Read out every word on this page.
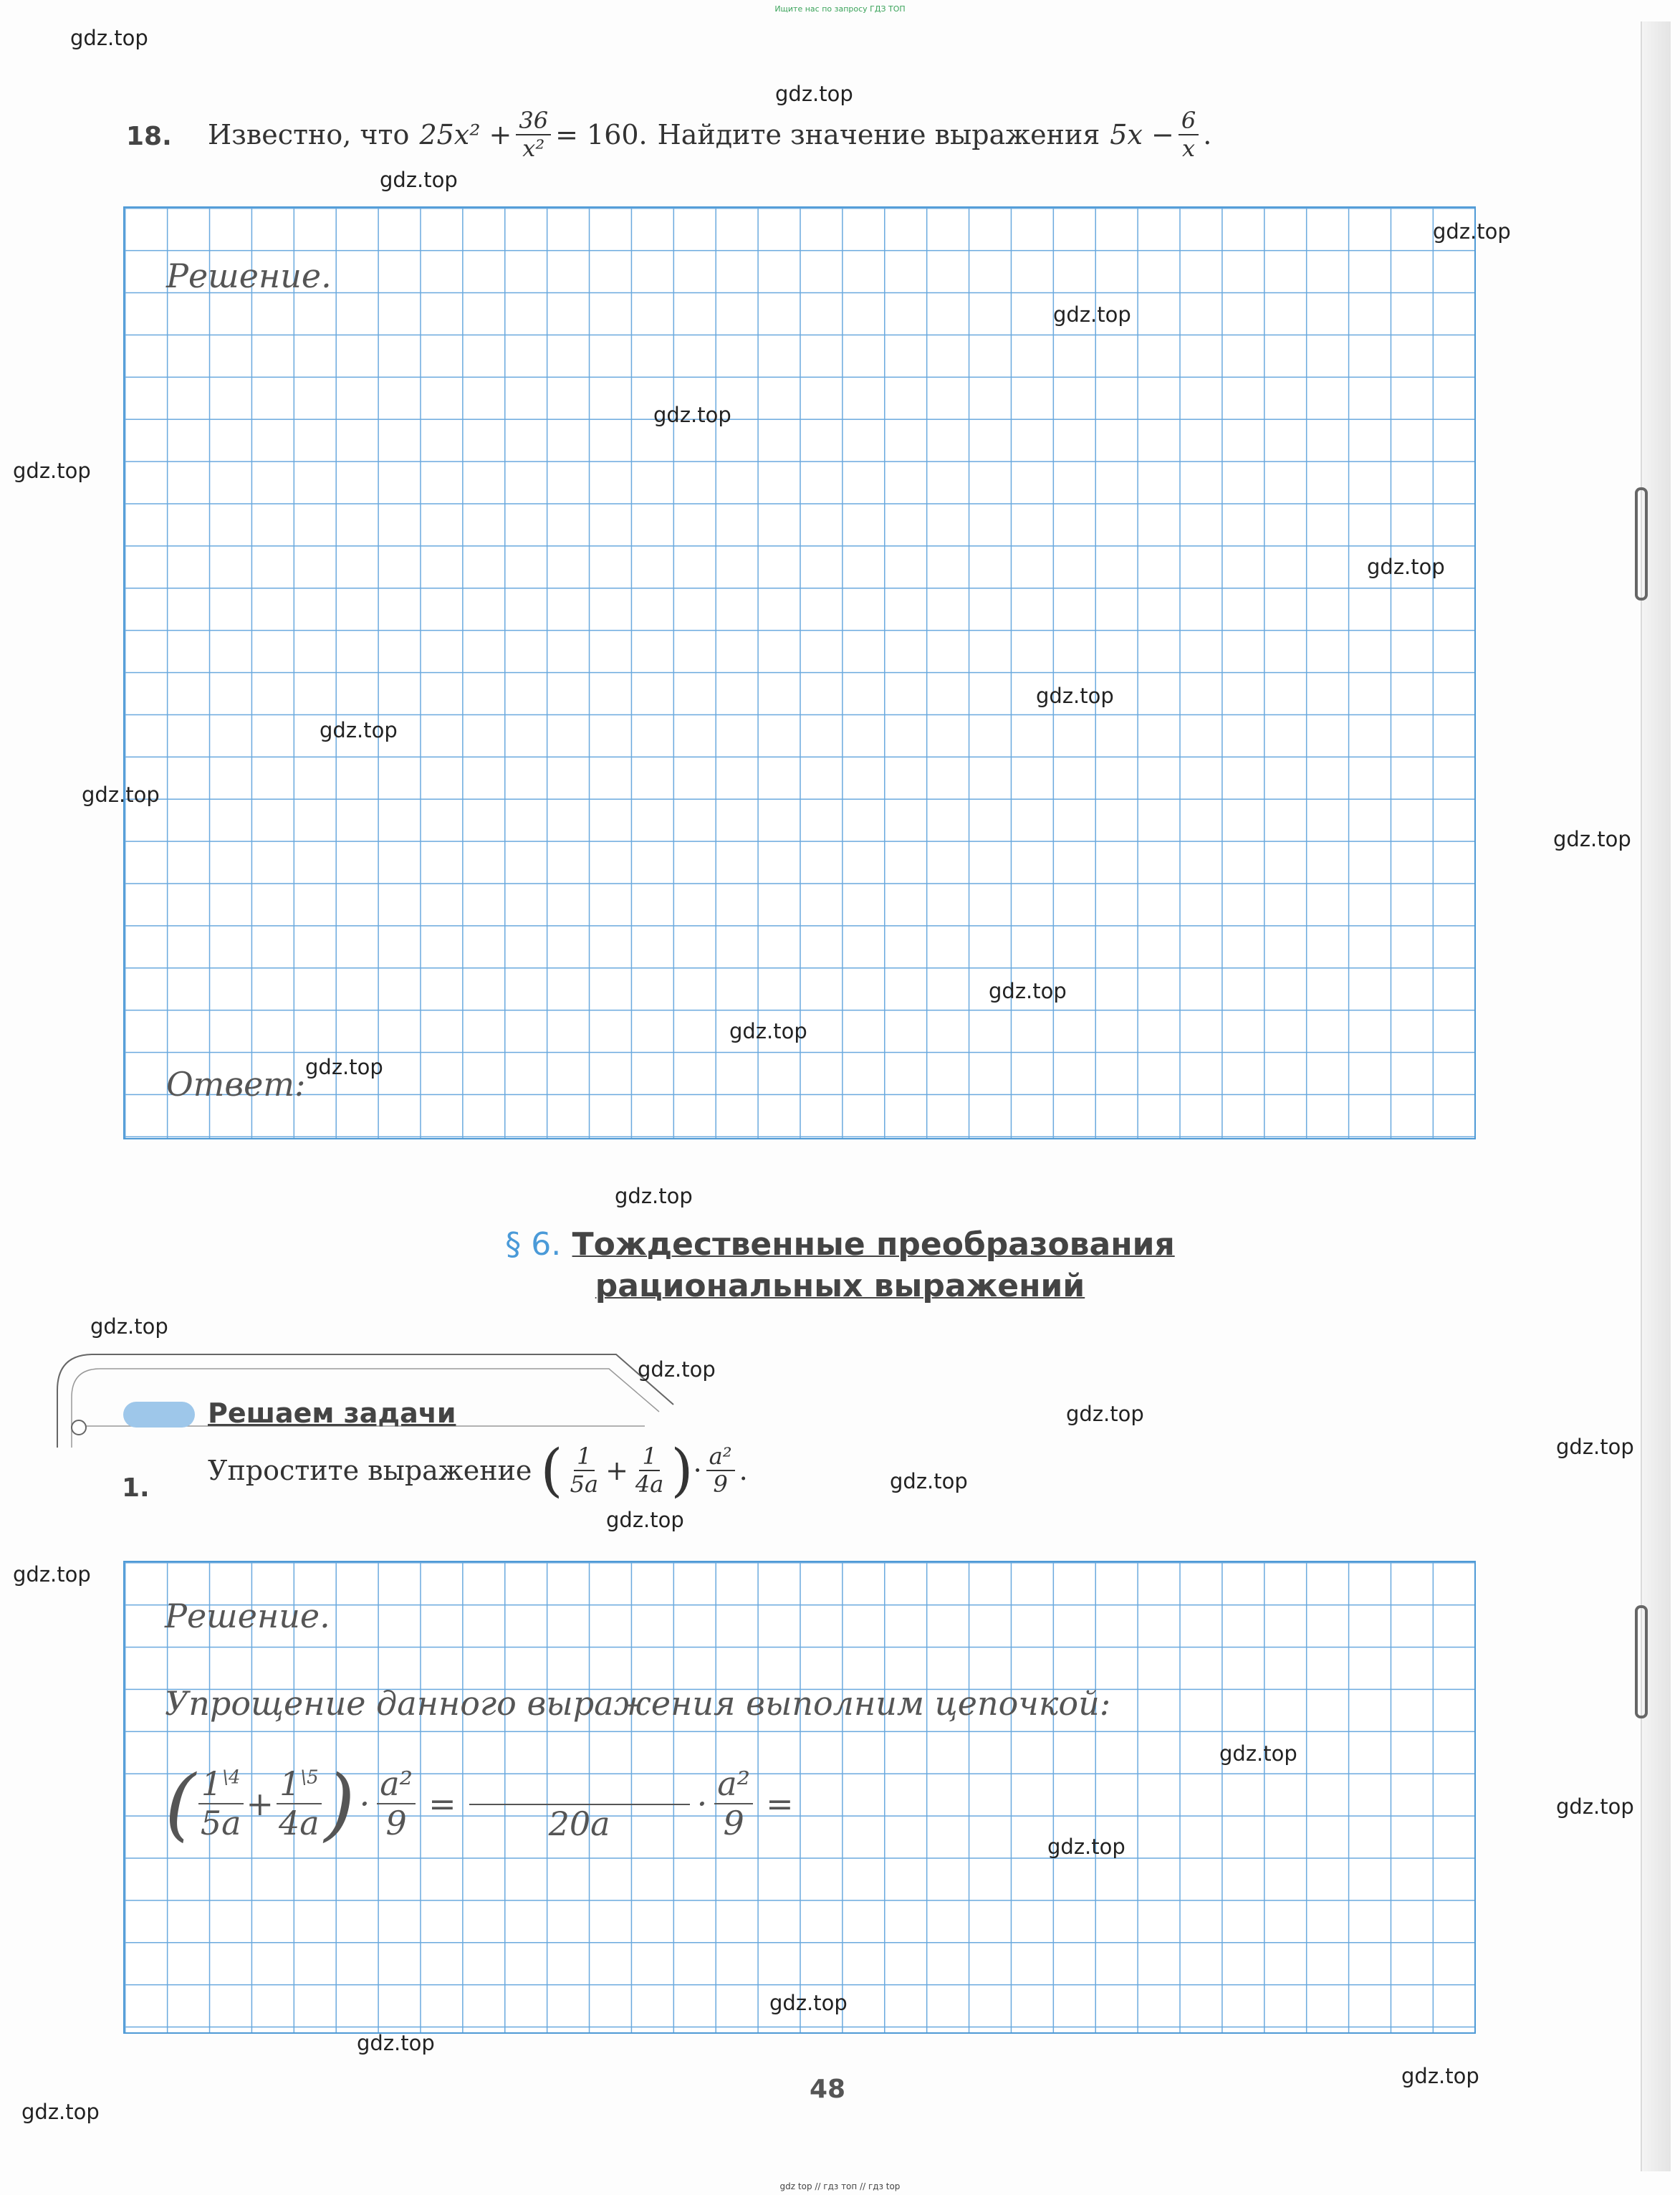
Ищите нас по запросу ГДЗ ТОП
18. Известно, что $25x^2 + \frac{36}{\text{x²}} = 160$. Найдите значение выражения $5x - \frac{6}{x}$ .
Решение.
Ответ:
§ 6. Тождественные преобразования
рациональных выражений
Решаем задачи
1.
Упростите выражение ( $\frac{1}{5a} + \frac{1}{4a}$ ) · $\frac{\text{a²}}{9}$ .
Решение.
Упрощение данного выражения выполним цепочкой:
( $\frac{1^{\backslash 4}}{5a} + \frac{1^{\backslash 5}}{4a}$ ) · $\frac{\text{a²}}{9}$ =
20a
· $\frac{\text{a²}}{9}$ =
48
gdz top // гдз топ // гдз top
gdz.top
gdz.top
gdz.top
gdz.top
gdz.top
gdz.top
gdz.top
gdz.top
gdz.top
gdz.top
gdz.top
gdz.top
gdz.top
gdz.top
gdz.top
gdz.top
gdz.top
gdz.top
gdz.top
gdz.top
gdz.top
gdz.top
gdz.top
gdz.top
gdz.top
gdz.top
gdz.top
gdz.top
gdz.top
gdz.top
